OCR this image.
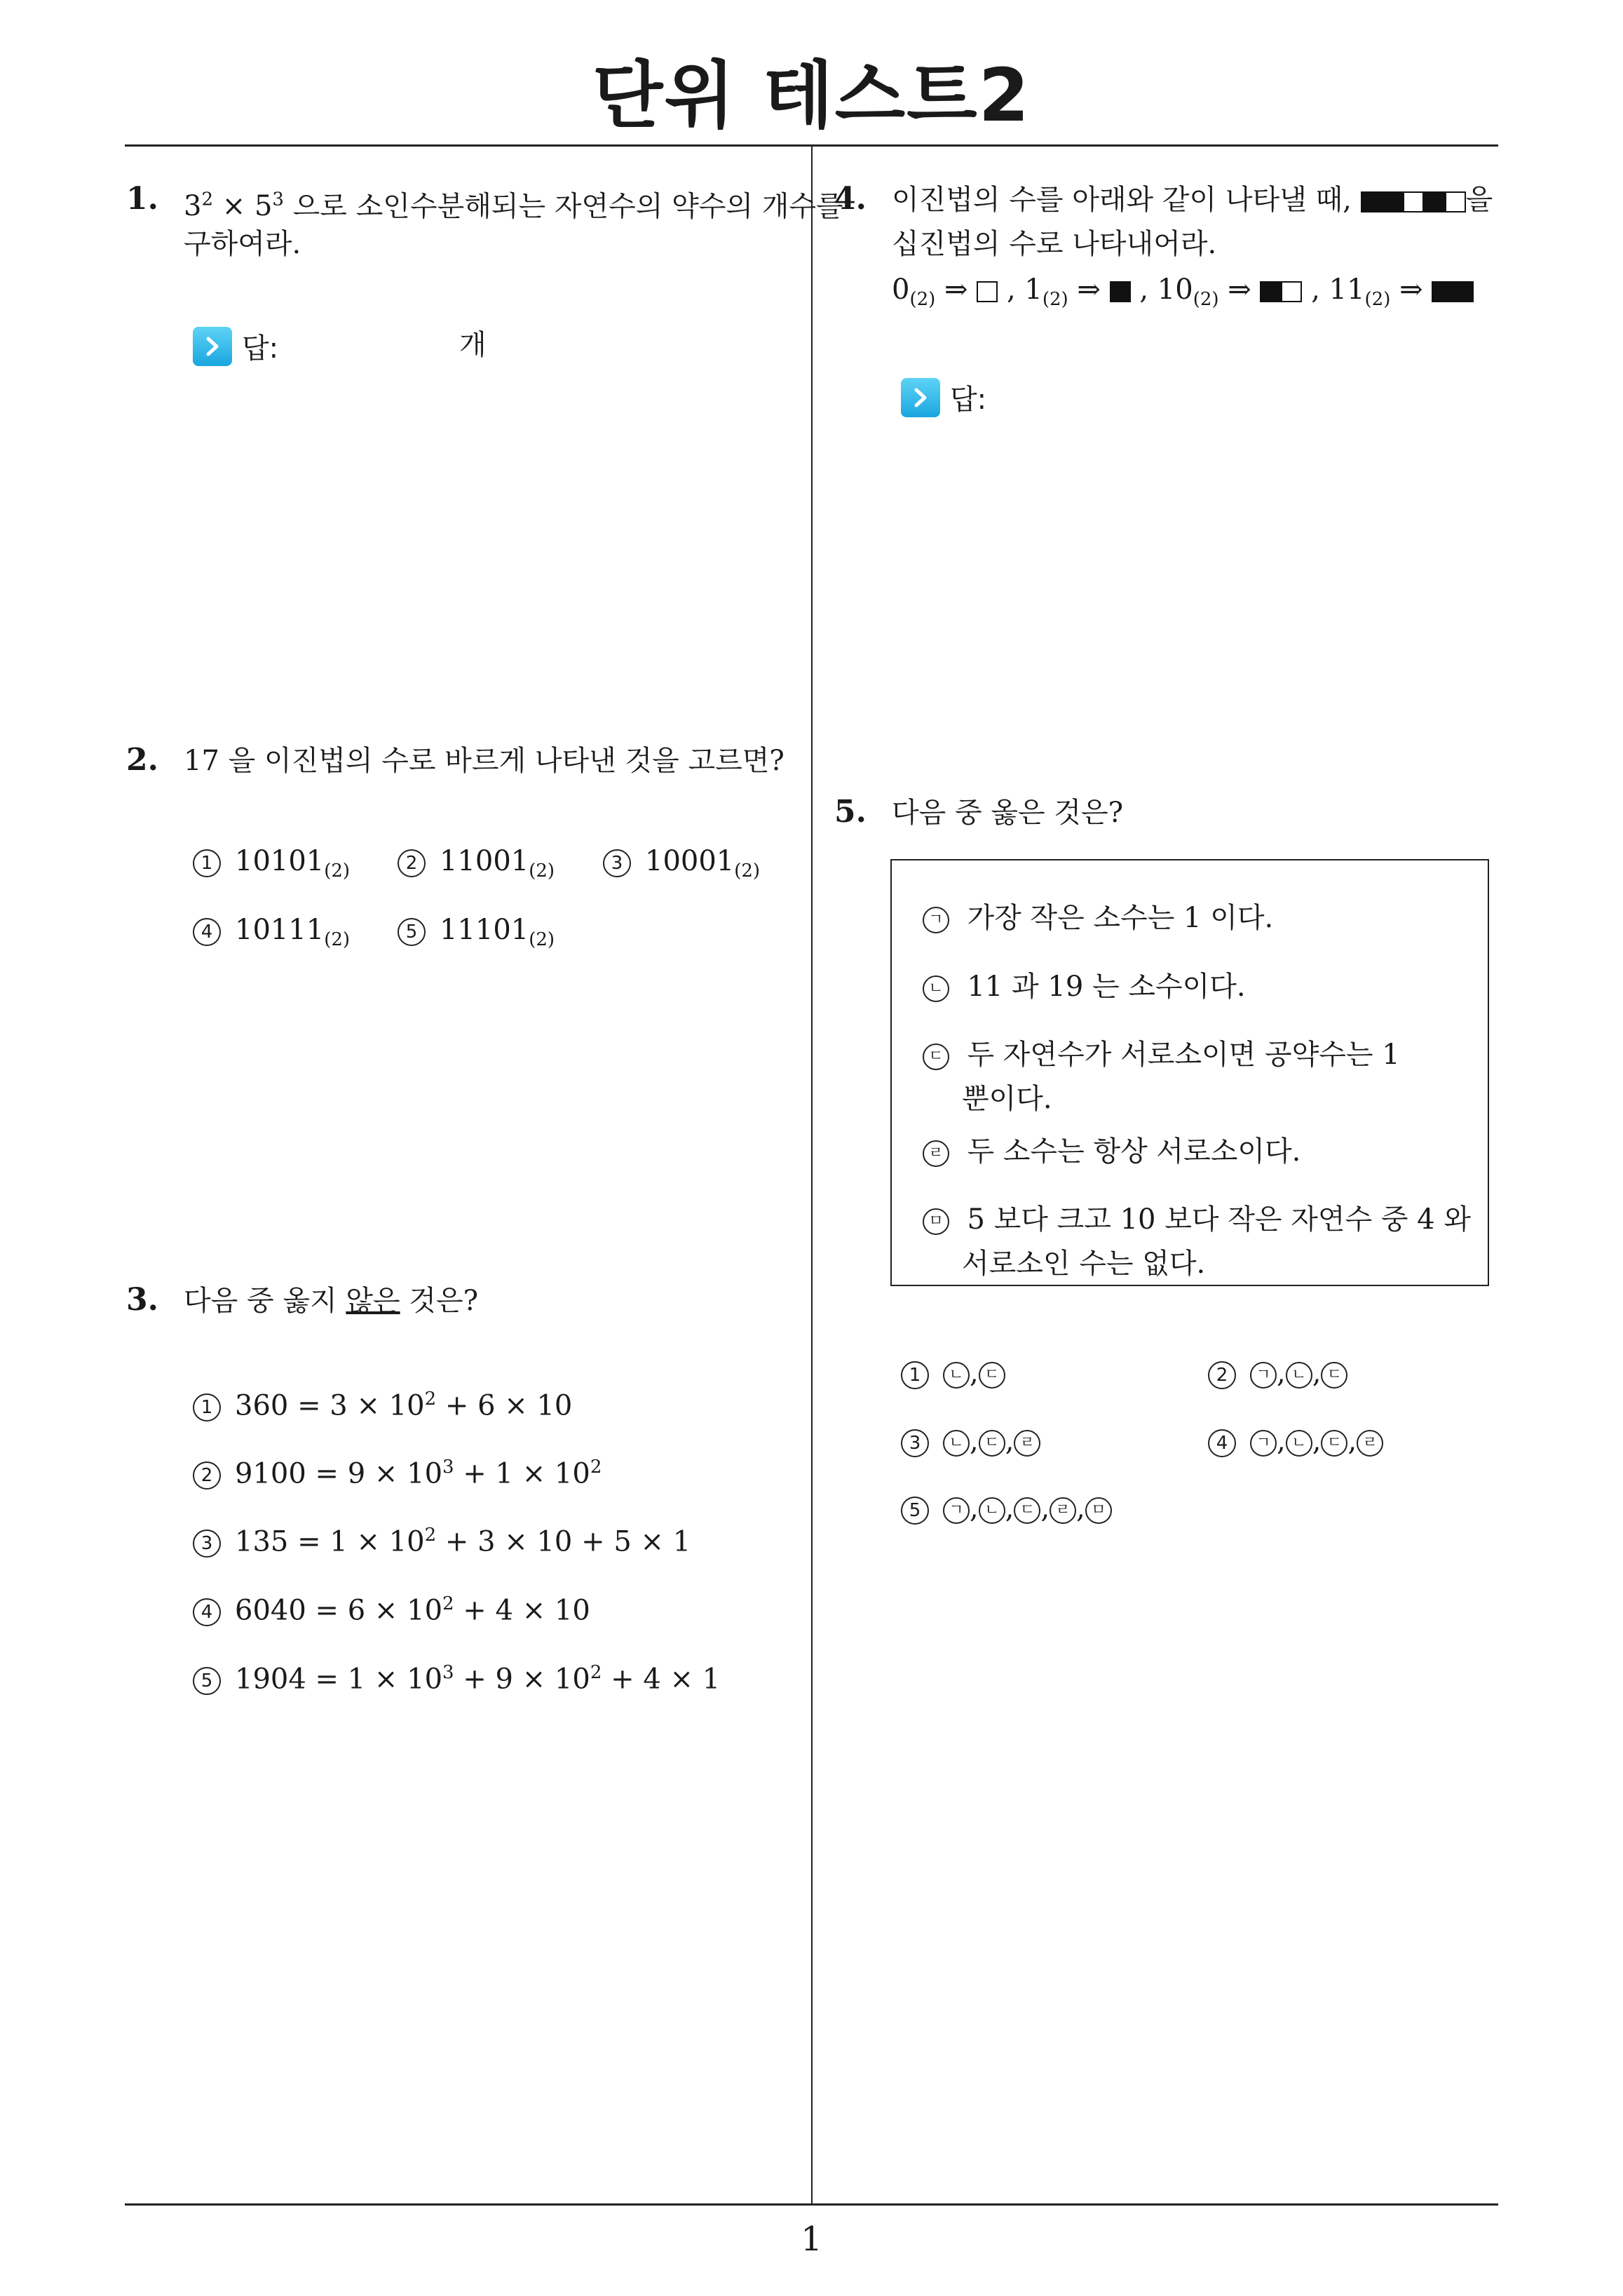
단위 테스트2
1. $3^2 \times 5^3$ 으로 소인수분해되는 자연수의 약수의 개수를
구하여라.
답:	개
2. 17 을 이진법의 수로 바르게 나타낸 것을 고르면?
1 $10101_{(2)}$	2 $11001_{(2)}$	3 $10001_{(2)}$
4 $10111_{(2)}$	5 $11101_{(2)}$
3. 다음 중 옳지 않은 것은?
1 $360 = 3 \times 10^2 + 6 \times 10$
2 $9100 = 9 \times 10^3 + 1 \times 10^2$
3 $135 = 1 \times 10^2 + 3 \times 10 + 5 \times 1$
4 $6040 = 6 \times 10^2 + 4 \times 10$
5 $1904 = 1 \times 10^3 + 9 \times 10^2 + 4 \times 1$
4. 이진법의 수를 아래와 같이 나타낼 때,	을
십진법의 수로 나타내어라.
$0_{(2)}$ ⇒  , $1_{(2)}$ ⇒  , $10_{(2)}$ ⇒  , $11_{(2)}$ ⇒
답:
5. 다음 중 옳은 것은?
ㄱ 가장 작은 소수는 1 이다.
ㄴ 11 과 19 는 소수이다.
ㄷ 두 자연수가 서로소이면 공약수는 1
뿐이다.
ㄹ 두 소수는 항상 서로소이다.
ㅁ 5 보다 크고 10 보다 작은 자연수 중 4 와
서로소인 수는 없다.
1 ㄴ , ㄷ	2 ㄱ , ㄴ , ㄷ
3 ㄴ , ㄷ , ㄹ	4 ㄱ , ㄴ , ㄷ , ㄹ
5 ㄱ , ㄴ , ㄷ , ㄹ , ㅁ
1
